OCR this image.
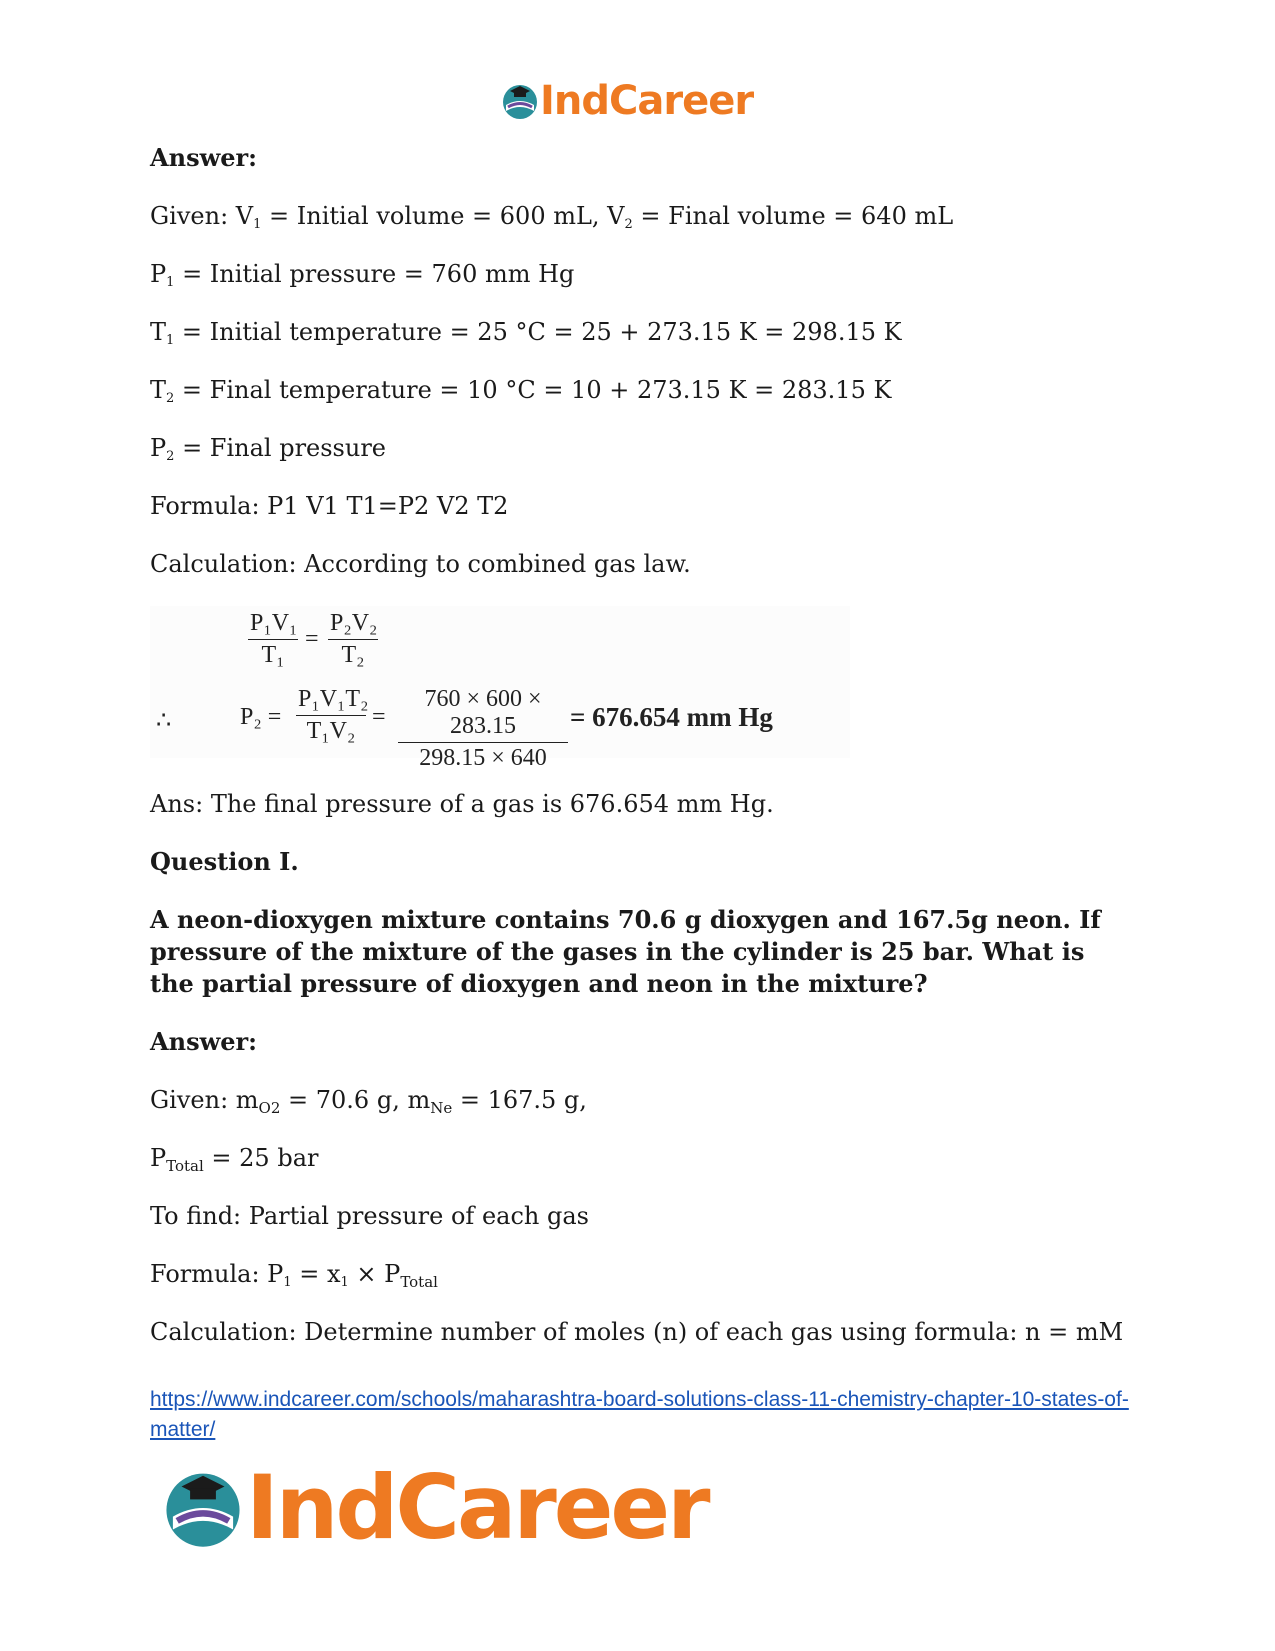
IndCareer

Answer:

Given: $V_1$ = Initial volume = 600 mL, $V_2$ = Final volume = 640 mL

$P_1$ = Initial pressure = 760 mm Hg

$T_1$ = Initial temperature = 25 °C = 25 + 273.15 K = 298.15 K

$T_2$ = Final temperature = 10 °C = 10 + 273.15 K = 283.15 K

$P_2$ = Final pressure

Formula: P1 V1 T1=P2 V2 T2

Calculation: According to combined gas law.

$\frac{\text{P₁V₁}}{\text{T₁}} = \frac{\text{P₂V₂}}{\text{T₂}}$
∴	$P_2 = \frac{\text{P₁V₁T₂}}{\text{T₁V₂}} = \frac{760 \times 600 \times 283.15}{298.15 \times 640} = 676.654$ mm Hg

Ans: The final pressure of a gas is 676.654 mm Hg.

Question I.

A neon-dioxygen mixture contains 70.6 g dioxygen and 167.5g neon. If pressure of the mixture of the gases in the cylinder is 25 bar. What is the partial pressure of dioxygen and neon in the mixture?

Answer:

Given: $m_{O2} = 70.6$ g, $m_{Ne} = 167.5$ g,

$P_{Total} = 25$ bar

To find: Partial pressure of each gas

Formula: $P_1 = x_1 \times P_{Total}$

Calculation: Determine number of moles (n) of each gas using formula: n = mM

https://www.indcareer.com/schools/maharashtra-board-solutions-class-11-chemistry-chapter-10-states-of-matter/
IndCareer
